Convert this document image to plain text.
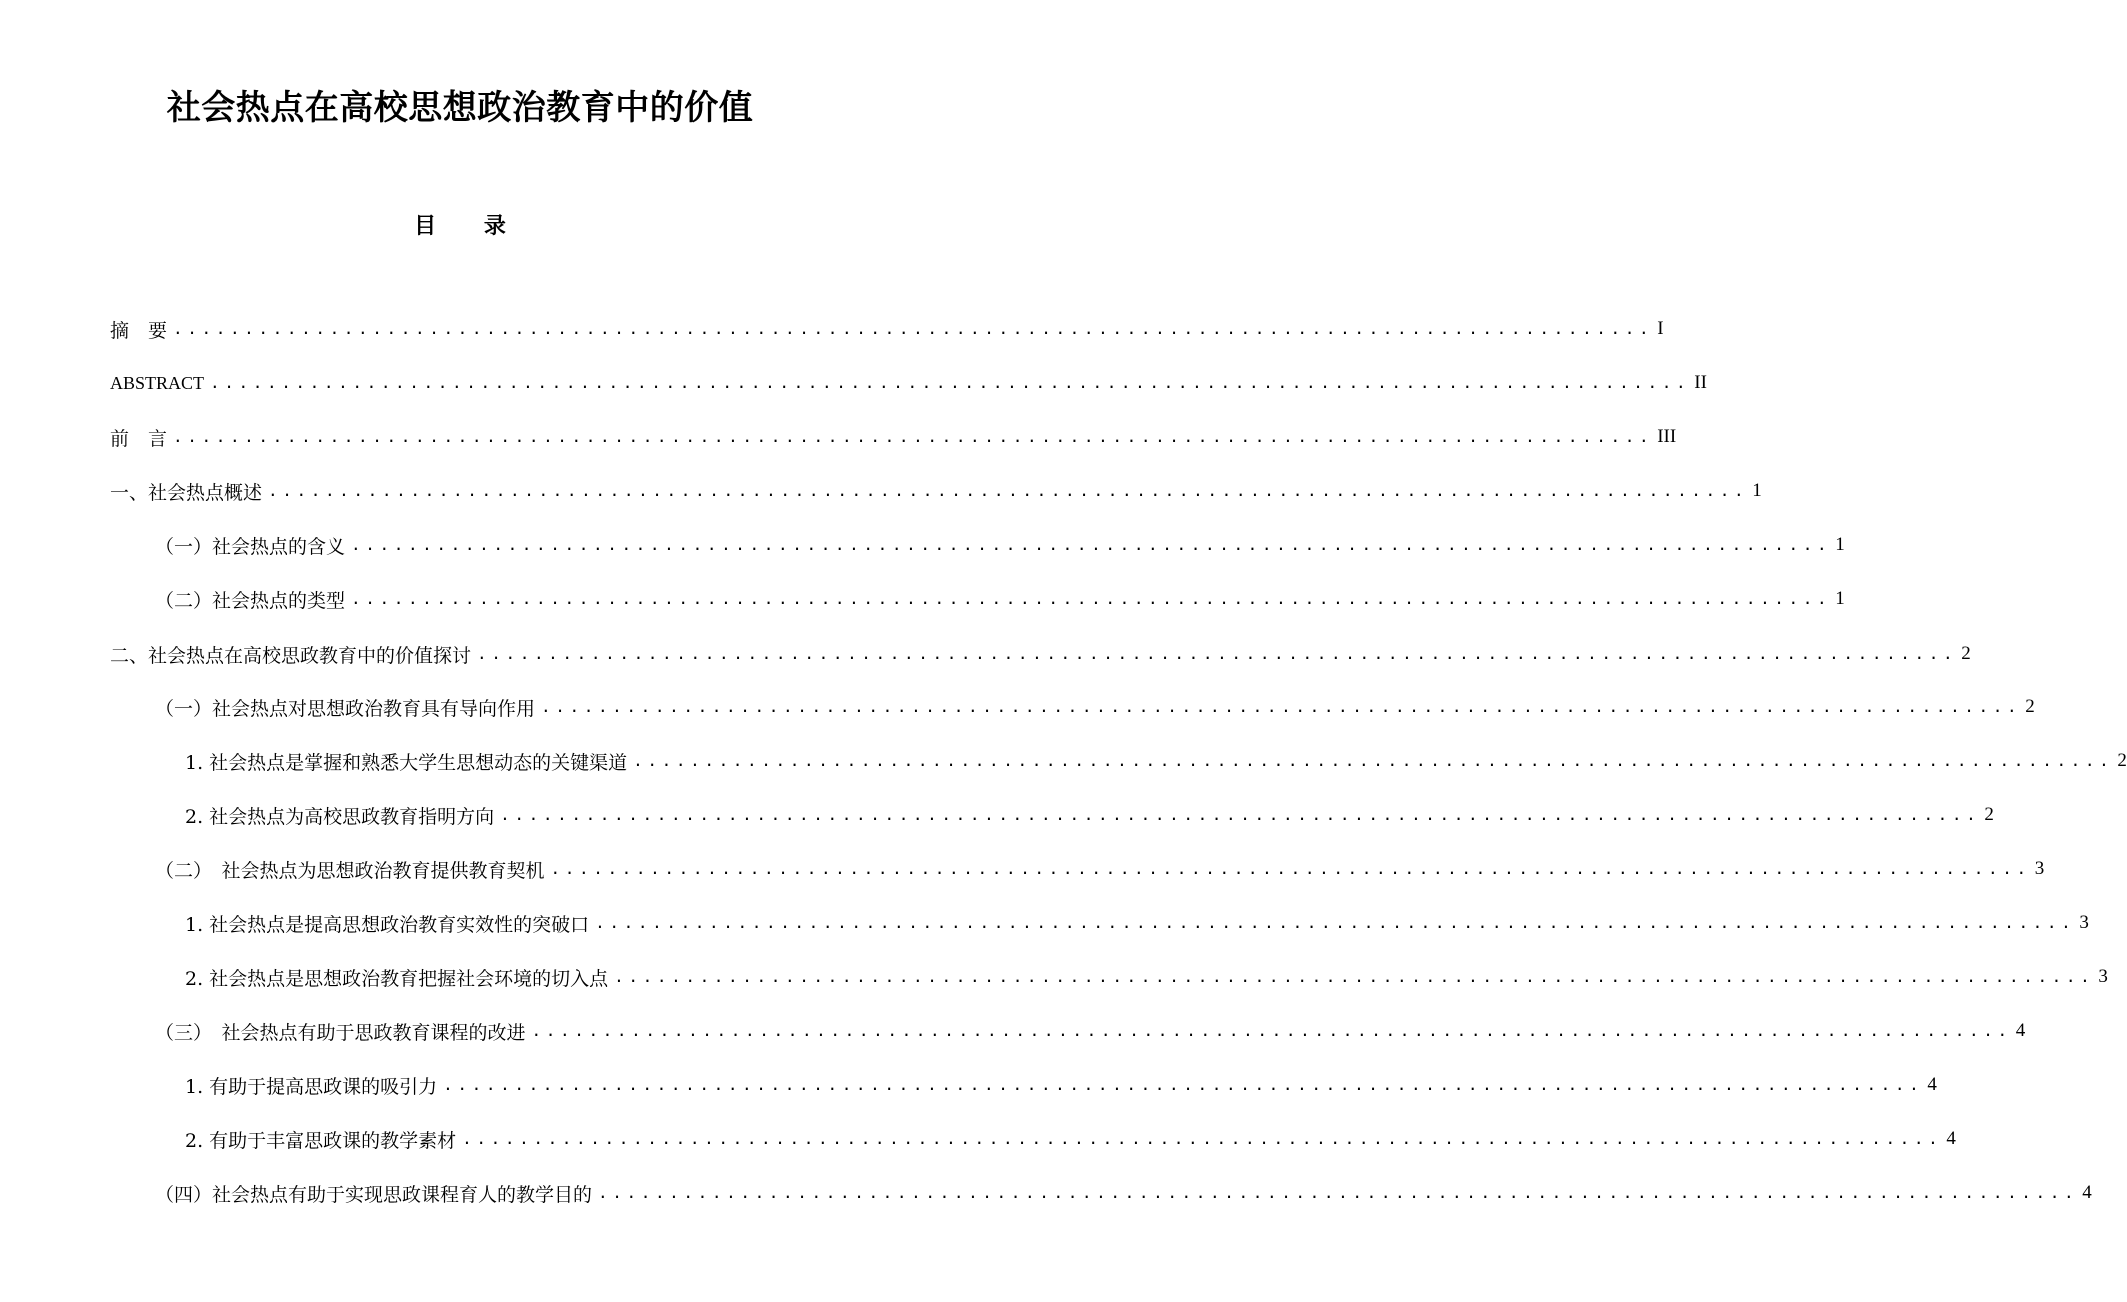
社会热点在高校思想政治教育中的价值
目 录
摘　要 ........................................................................................................ I
ABSTRACT ........................................................................................................ II
前　言 ........................................................................................................ III
一、社会热点概述 ........................................................................................................ 1
（一）社会热点的含义 ........................................................................................................ 1
（二）社会热点的类型 ........................................................................................................ 1
二、社会热点在高校思政教育中的价值探讨 ........................................................................................................ 2
（一）社会热点对思想政治教育具有导向作用 ........................................................................................................ 2
1. 社会热点是掌握和熟悉大学生思想动态的关键渠道 ........................................................................................................ 2
2. 社会热点为高校思政教育指明方向 ........................................................................................................ 2
（二）　社会热点为思想政治教育提供教育契机 ........................................................................................................ 3
1. 社会热点是提高思想政治教育实效性的突破口 ........................................................................................................ 3
2. 社会热点是思想政治教育把握社会环境的切入点 ........................................................................................................ 3
（三）　社会热点有助于思政教育课程的改进 ........................................................................................................ 4
1. 有助于提高思政课的吸引力 ........................................................................................................ 4
2. 有助于丰富思政课的教学素材 ........................................................................................................ 4
（四）社会热点有助于实现思政课程育人的教学目的 ........................................................................................................ 4
